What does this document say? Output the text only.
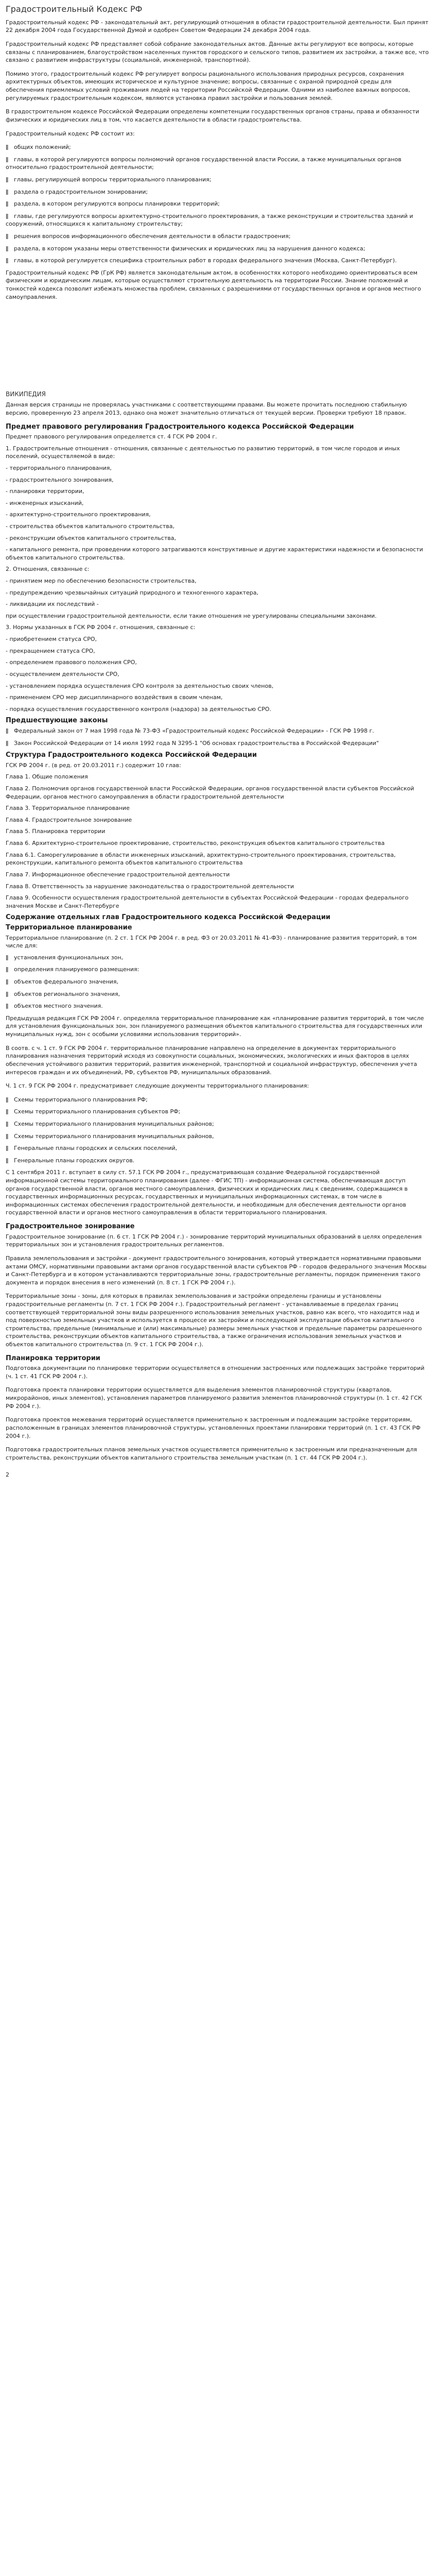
Градостроительный Кодекс РФ

Градостроительный кодекс РФ - законодательный акт, регулирующий отношения в области градостроительной деятельности. Был принят 22 декабря 2004 года Государственной Думой и одобрен Советом Федерации 24 декабря 2004 года.

Градостроительный кодекс РФ представляет собой собрание законодательных актов. Данные акты регулируют все вопросы, которые связаны с планированием, благоустройством населенных пунктов городского и сельского типов, развитием их застройки, а также все, что связано с развитием инфраструктуры (социальной, инженерной, транспортной).

Помимо этого, градостроительный кодекс РФ регулирует вопросы рационального использования природных ресурсов, сохранения архитектурных объектов, имеющих историческое и культурное значение; вопросы, связанные с охраной природной среды для обеспечения приемлемых условий проживания людей на территории Российской Федерации. Одними из наиболее важных вопросов, регулируемых градостроительным кодексом, являются установка правил застройки и пользования землей.

В градостроительном кодексе Российской Федерации определены компетенции государственных органов страны, права и обязанности физических и юридических лиц в том, что касается деятельности в области градостроительства.

Градостроительный кодекс РФ состоит из:

ǁ общих положений;
ǁ главы, в которой регулируются вопросы полномочий органов государственной власти России, а также муниципальных органов относительно градостроительной деятельности;
ǁ главы, регулирующей вопросы территориального планирования;
ǁ раздела о градостроительном зонировании;
ǁ раздела, в котором регулируются вопросы планировки территорий;
ǁ главы, где регулируются вопросы архитектурно-строительного проектирования, а также реконструкции и строительства зданий и сооружений, относящихся к капитальному строительству;
ǁ решения вопросов информационного обеспечения деятельности в области градостроения;
ǁ раздела, в котором указаны меры ответственности физических и юридических лиц за нарушения данного кодекса;
ǁ главы, в которой регулируется специфика строительных работ в городах федерального значения (Москва, Санкт-Петербург).

Градостроительный кодекс РФ (ГрК РФ) является законодательным актом, в особенностях которого необходимо ориентироваться всем физическим и юридическим лицам, которые осуществляют строительную деятельность на территории России. Знание положений и тонкостей кодекса позволит избежать множества проблем, связанных с разрешениями от государственных органов и органов местного самоуправления.

ВИКИПЕДИЯ

Данная версия страницы не проверялась участниками с соответствующими правами. Вы можете прочитать последнюю стабильную версию, проверенную 23 апреля 2013, однако она может значительно отличаться от текущей версии. Проверки требуют 18 правок.

Предмет правового регулирования Градостроительного кодекса Российской Федерации
Предмет правового регулирования определяется ст. 4 ГСК РФ 2004 г.
1. Градостроительные отношения - отношения, связанные с деятельностью по развитию территорий, в том числе городов и иных поселений, осуществляемой в виде:
- территориального планирования,
- градостроительного зонирования,
- планировки территории,
- инженерных изысканий,
- архитектурно-строительного проектирования,
- строительства объектов капитального строительства,
- реконструкции объектов капитального строительства,
- капитального ремонта, при проведении которого затрагиваются конструктивные и другие характеристики надежности и безопасности объектов капитального строительства.
2. Отношения, связанные с:
- принятием мер по обеспечению безопасности строительства,
- предупреждению чрезвычайных ситуаций природного и техногенного характера,
- ликвидации их последствий -
при осуществлении градостроительной деятельности, если такие отношения не урегулированы специальными законами.
3. Нормы указанных в ГСК РФ 2004 г. отношения, связанные с:
- приобретением статуса СРО,
- прекращением статуса СРО,
- определением правового положения СРО,
- осуществлением деятельности СРО,
- установлением порядка осуществления СРО контроля за деятельностью своих членов,
- применением СРО мер дисциплинарного воздействия в своим членам,
- порядка осуществления государственного контроля (надзора) за деятельностью СРО.
Предшествующие законы
ǁ Федеральный закон от 7 мая 1998 года № 73-ФЗ «Градостроительный кодекс Российской Федерации» - ГСК РФ 1998 г.
ǁ Закон Российской Федерации от 14 июля 1992 года N 3295-1 "Об основах градостроительства в Российской Федерации"
Структура Градостроительного кодекса Российской Федерации
ГСК РФ 2004 г. (в ред. от 20.03.2011 г.) содержит 10 глав:
Глава 1. Общие положения
Глава 2. Полномочия органов государственной власти Российской Федерации, органов государственной власти субъектов Российской Федерации, органов местного самоуправления в области градостроительной деятельности
Глава 3. Территориальное планирование
Глава 4. Градостроительное зонирование
Глава 5. Планировка территории
Глава 6. Архитектурно-строительное проектирование, строительство, реконструкция объектов капитального строительства
Глава 6.1. Саморегулирование в области инженерных изысканий, архитектурно-строительного проектирования, строительства, реконструкции, капитального ремонта объектов капитального строительства
Глава 7. Информационное обеспечение градостроительной деятельности
Глава 8. Ответственность за нарушение законодательства о градостроительной деятельности
Глава 9. Особенности осуществления градостроительной деятельности в субъектах Российской Федерации - городах федерального значения Москве и Санкт-Петербурге
Содержание отдельных глав Градостроительного кодекса Российской Федерации
Территориальное планирование
Территориальное планирование (п. 2 ст. 1 ГСК РФ 2004 г. в ред. ФЗ от 20.03.2011 № 41-ФЗ) - планирование развития территорий, в том числе для:
ǁ установления функциональных зон,
ǁ определения планируемого размещения:
ǁ объектов федерального значения,
ǁ объектов регионального значения,
ǁ объектов местного значения.

Предыдущая редакция ГСК РФ 2004 г. определяла территориальное планирование как «планирование развития территорий, в том числе для установления функциональных зон, зон планируемого размещения объектов капитального строительства для государственных или муниципальных нужд, зон с особыми условиями использования территорий».

В соотв. с ч. 1 ст. 9 ГСК РФ 2004 г. территориальное планирование направлено на определение в документах территориального планирования назначения территорий исходя из совокупности социальных, экономических, экологических и иных факторов в целях обеспечения устойчивого развития территорий, развития инженерной, транспортной и социальной инфраструктур, обеспечения учета интересов граждан и их объединений, РФ, субъектов РФ, муниципальных образований.

Ч. 1 ст. 9 ГСК РФ 2004 г. предусматривает следующие документы территориального планирования:

ǁ Схемы территориального планирования РФ;
ǁ Схемы территориального планирования субъектов РФ;
ǁ Схемы территориального планирования муниципальных районов;
ǁ Схемы территориального планирования муниципальных районов,
ǁ Генеральные планы городских и сельских поселений,
ǁ Генеральные планы городских округов.

С 1 сентября 2011 г. вступает в силу ст. 57.1 ГСК РФ 2004 г., предусматривающая создание Федеральной государственной информационной системы территориального планирования (далее - ФГИС ТП) - информационная система, обеспечивающая доступ органов государственной власти, органов местного самоуправления, физических и юридических лиц к сведениям, содержащимся в государственных информационных ресурсах, государственных и муниципальных информационных системах, в том числе в информационных системах обеспечения градостроительной деятельности, и необходимым для обеспечения деятельности органов государственной власти и органов местного самоуправления в области территориального планирования.

Градостроительное зонирование

Градостроительное зонирование (п. 6 ст. 1 ГСК РФ 2004 г.) - зонирование территорий муниципальных образований в целях определения территориальных зон и установления градостроительных регламентов.

Правила землепользования и застройки - документ градостроительного зонирования, который утверждается нормативными правовыми актами ОМСУ, нормативными правовыми актами органов государственной власти субъектов РФ - городов федерального значения Москвы и Санкт-Петербурга и в котором устанавливаются территориальные зоны, градостроительные регламенты, порядок применения такого документа и порядок внесения в него изменений (п. 8 ст. 1 ГСК РФ 2004 г.).

Территориальные зоны - зоны, для которых в правилах землепользования и застройки определены границы и установлены градостроительные регламенты (п. 7 ст. 1 ГСК РФ 2004 г.). Градостроительный регламент - устанавливаемые в пределах границ соответствующей территориальной зоны виды разрешенного использования земельных участков, равно как всего, что находится над и под поверхностью земельных участков и используется в процессе их застройки и последующей эксплуатации объектов капитального строительства, предельные (минимальные и (или) максимальные) размеры земельных участков и предельные параметры разрешенного строительства, реконструкции объектов капитального строительства, а также ограничения использования земельных участков и объектов капитального строительства (п. 9 ст. 1 ГСК РФ 2004 г.).

Планировка территории

Подготовка документации по планировке территории осуществляется в отношении застроенных или подлежащих застройке территорий (ч. 1 ст. 41 ГСК РФ 2004 г.).

Подготовка проекта планировки территории осуществляется для выделения элементов планировочной структуры (кварталов, микрорайонов, иных элементов), установления параметров планируемого развития элементов планировочной структуры (п. 1 ст. 42 ГСК РФ 2004 г.).

Подготовка проектов межевания территорий осуществляется применительно к застроенным и подлежащим застройке территориям, расположенным в границах элементов планировочной структуры, установленных проектами планировки территорий (п. 1 ст. 43 ГСК РФ 2004 г.).

Подготовка градостроительных планов земельных участков осуществляется применительно к застроенным или предназначенным для строительства, реконструкции объектов капитального строительства земельным участкам (п. 1 ст. 44 ГСК РФ 2004 г.).

2
